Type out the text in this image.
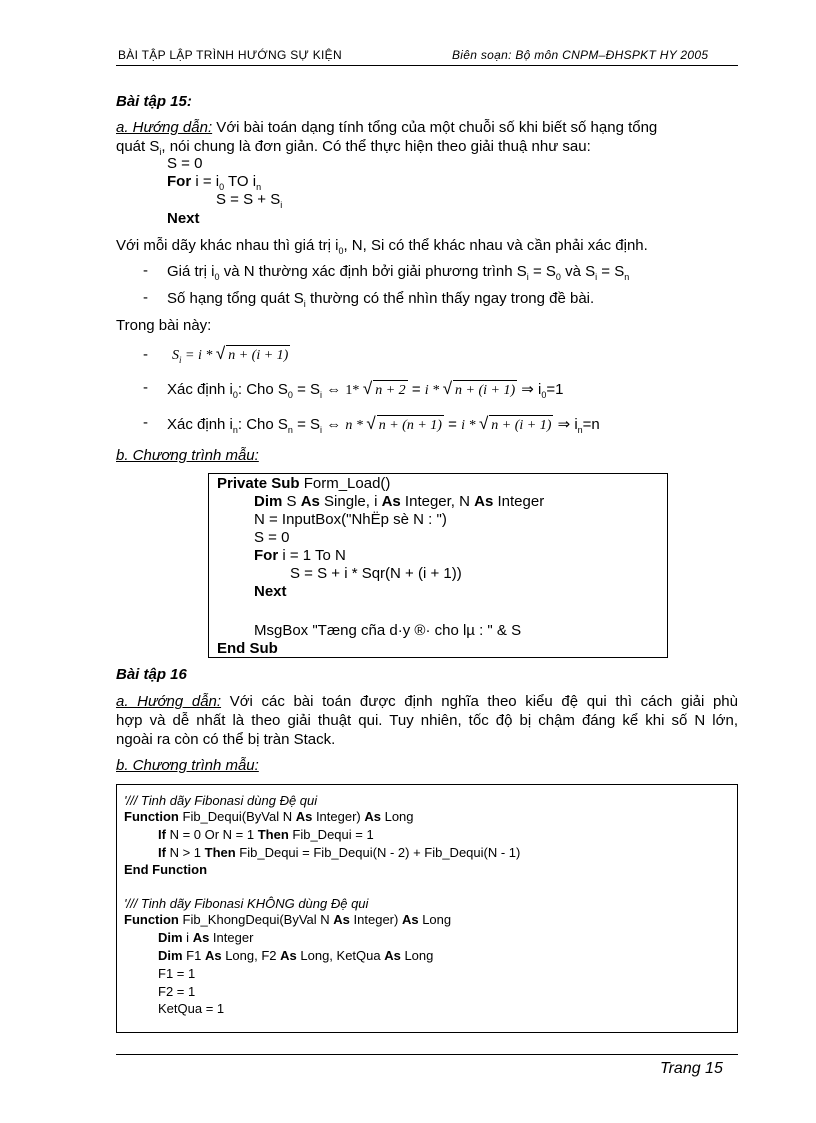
BÀI TẬP LẬP TRÌNH HƯỚNG SỰ KIỆN	Biên soạn: Bộ môn CNPM–ĐHSPKT HY 2005
Bài tập 15:
a. Hướng dẫn: Với bài toán dạng tính tổng của một chuỗi số khi biết số hạng tổng
quát $S_i$, nói chung là đơn giản. Có thể thực hiện theo giải thuậ như sau:
S = 0
For $i = i_0$ TO $i_n$
$S = S + S_i$
Next
Với mỗi dãy khác nhau thì giá trị $i_0$, N, Si có thể khác nhau và cần phải xác định.
- Giá trị $i_0$ và N thường xác định bởi giải phương trình $S_i = S_0$ và $S_i = S_n$
- Số hạng tổng quát $S_i$ thường có thể nhìn thấy ngay trong đề bài.
Trong bài này:
- $S_i = i$ * √ n + (i + 1)
- Xác định $i_0$: Cho $S_0 = S_i$ ⇔ 1* √ n + 2 = i * √ n + (i + 1) ⇒ $i_0=1$
- Xác định $i_n$: Cho $S_n = S_i$ ⇔ n * √ n + (n + 1) = i * √ n + (i + 1) ⇒ $i_n=n$
b. Chương trình mẫu:
Private Sub Form_Load()
Dim S As Single, i As Integer, N As Integer
N = InputBox("NhËp sè N : ")
S = 0
For i = 1 To N
S = S + i * Sqr(N + (i + 1))
Next
MsgBox "Tæng cña d·y ®· cho lµ : " & S
End Sub
Bài tập 16
a. Hướng dẫn: Với các bài toán được định nghĩa theo kiểu đệ qui thì cách giải phù
hợp và dễ nhất là theo giải thuật qui. Tuy nhiên, tốc độ bị chậm đáng kể khi số N lớn,
ngoài ra còn có thể bị tràn Stack.
b. Chương trình mẫu:
'/// Tinh dãy Fibonasi dùng Đệ qui
Function Fib_Dequi(ByVal N As Integer) As Long
If N = 0 Or N = 1 Then Fib_Dequi = 1
If N > 1 Then Fib_Dequi = Fib_Dequi(N - 2) + Fib_Dequi(N - 1)
End Function
'/// Tinh dãy Fibonasi KHÔNG dùng Đệ qui
Function Fib_KhongDequi(ByVal N As Integer) As Long
Dim i As Integer
Dim F1 As Long, F2 As Long, KetQua As Long
F1 = 1
F2 = 1
KetQua = 1
Trang 15
